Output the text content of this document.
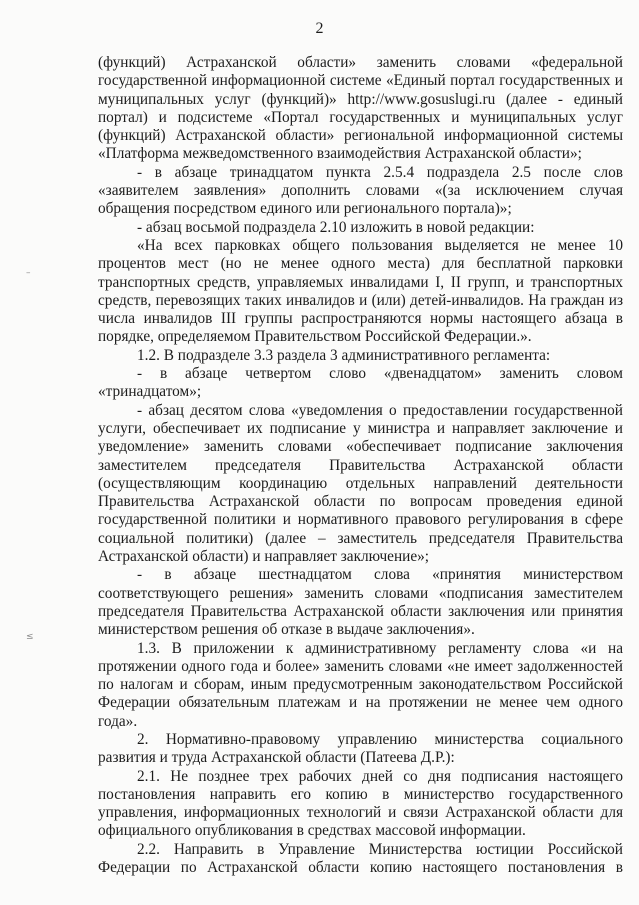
2
–
≤

(функций) Астраханской области» заменить словами «федеральной государственной информационной системе «Единый портал государственных и муниципальных услуг (функций)» http://www.gosuslugi.ru (далее - единый портал) и подсистеме «Портал государственных и муниципальных услуг (функций) Астраханской области» региональной информационной системы «Платформа межведомственного взаимодействия Астраханской области»;

- в абзаце тринадцатом пункта 2.5.4 подраздела 2.5 после слов «заявителем заявления» дополнить словами «(за исключением случая обращения посредством единого или регионального портала)»;

- абзац восьмой подраздела 2.10 изложить в новой редакции:

«На всех парковках общего пользования выделяется не менее 10 процентов мест (но не менее одного места) для бесплатной парковки транспортных средств, управляемых инвалидами I, II групп, и транспортных средств, перевозящих таких инвалидов и (или) детей-инвалидов. На граждан из числа инвалидов III группы распространяются нормы настоящего абзаца в порядке, определяемом Правительством Российской Федерации.».

1.2. В подразделе 3.3 раздела 3 административного регламента:

- в абзаце четвертом слово «двенадцатом» заменить словом «тринадцатом»;

- абзац десятом слова «уведомления о предоставлении государственной услуги, обеспечивает их подписание у министра и направляет заключение и уведомление» заменить словами «обеспечивает подписание заключения заместителем председателя Правительства Астраханской области (осуществляющим координацию отдельных направлений деятельности Правительства Астраханской области по вопросам проведения единой государственной политики и нормативного правового регулирования в сфере социальной политики) (далее – заместитель председателя Правительства Астраханской области) и направляет заключение»;

- в абзаце шестнадцатом слова «принятия министерством соответствующего решения» заменить словами «подписания заместителем председателя Правительства Астраханской области заключения или принятия министерством решения об отказе в выдаче заключения».

1.3. В приложении к административному регламенту слова «и на протяжении одного года и более» заменить словами «не имеет задолженностей по налогам и сборам, иным предусмотренным законодательством Российской Федерации обязательным платежам и на протяжении не менее чем одного года».

2. Нормативно-правовому управлению министерства социального развития и труда Астраханской области (Патеева Д.Р.):

2.1. Не позднее трех рабочих дней со дня подписания настоящего постановления направить его копию в министерство государственного управления, информационных технологий и связи Астраханской области для официального опубликования в средствах массовой информации.

2.2. Направить в Управление Министерства юстиции Российской Федерации по Астраханской области копию настоящего постановления в
